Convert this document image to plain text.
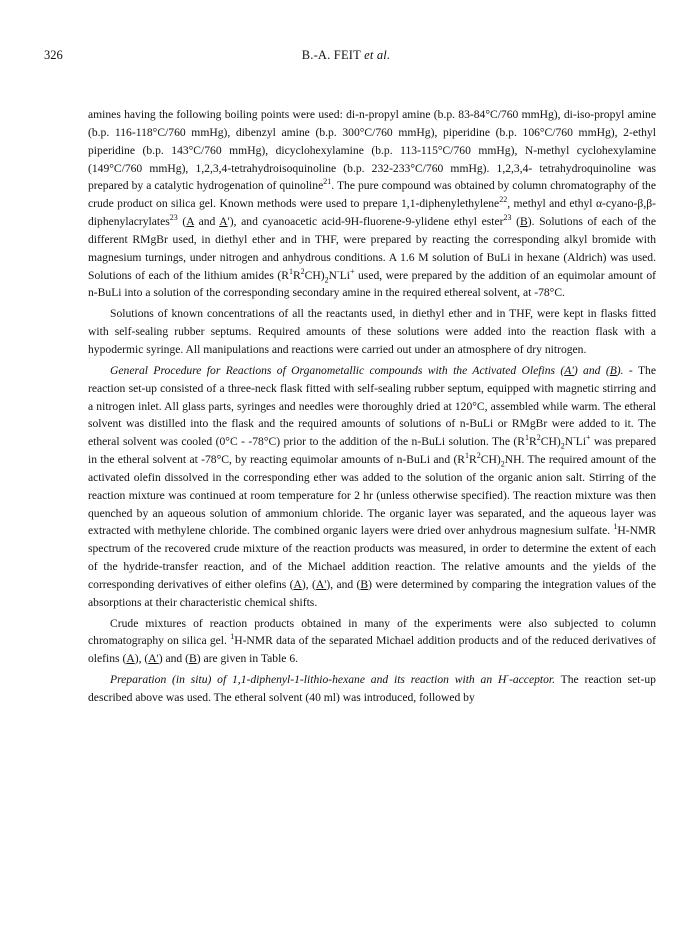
326	B.-A. FEIT et al.

amines having the following boiling points were used: di-n-propyl amine (b.p. 83-84°C/760 mmHg), di-iso-propyl amine (b.p. 116-118°C/760 mmHg), dibenzyl amine (b.p. 300°C/760 mmHg), piperidine (b.p. 106°C/760 mmHg), 2-ethyl piperidine (b.p. 143°C/760 mmHg), dicyclohexylamine (b.p. 113-115°C/760 mmHg), N-methyl cyclohexylamine (149°C/760 mmHg), 1,2,3,4-tetrahydroisoquinoline (b.p. 232-233°C/760 mmHg). 1,2,3,4- tetrahydroquinoline was prepared by a catalytic hydrogenation of quinoline$^{21}$. The pure compound was obtained by column chromatography of the crude product on silica gel. Known methods were used to prepare 1,1-diphenylethylene$^{22}$, methyl and ethyl α-cyano-β,β-diphenylacrylates$^{23}$ (A and A'), and cyanoacetic acid-9H-fluorene-9-ylidene ethyl ester$^{23}$ (B). Solutions of each of the different RMgBr used, in diethyl ether and in THF, were prepared by reacting the corresponding alkyl bromide with magnesium turnings, under nitrogen and anhydrous conditions. A 1.6 M solution of BuLi in hexane (Aldrich) was used. Solutions of each of the lithium amides $(R^1R^2CH)_2N^-Li^+$ used, were prepared by the addition of an equimolar amount of n-BuLi into a solution of the corresponding secondary amine in the required ethereal solvent, at -78°C.

Solutions of known concentrations of all the reactants used, in diethyl ether and in THF, were kept in flasks fitted with self-sealing rubber septums. Required amounts of these solutions were added into the reaction flask with a hypodermic syringe. All manipulations and reactions were carried out under an atmosphere of dry nitrogen.

General Procedure for Reactions of Organometallic compounds with the Activated Olefins (A') and (B). - The reaction set-up consisted of a three-neck flask fitted with self-sealing rubber septum, equipped with magnetic stirring and a nitrogen inlet. All glass parts, syringes and needles were thoroughly dried at 120°C, assembled while warm. The etheral solvent was distilled into the flask and the required amounts of solutions of n-BuLi or RMgBr were added to it. The etheral solvent was cooled (0°C - -78°C) prior to the addition of the n-BuLi solution. The $(R^1R^2CH)_2N^-Li^+$ was prepared in the etheral solvent at -78°C, by reacting equimolar amounts of n-BuLi and $(R^1R^2CH)_2NH$. The required amount of the activated olefin dissolved in the corresponding ether was added to the solution of the organic anion salt. Stirring of the reaction mixture was continued at room temperature for 2 hr (unless otherwise specified). The reaction mixture was then quenched by an aqueous solution of ammonium chloride. The organic layer was separated, and the aqueous layer was extracted with methylene chloride. The combined organic layers were dried over anhydrous magnesium sulfate. $^1$H-NMR spectrum of the recovered crude mixture of the reaction products was measured, in order to determine the extent of each of the hydride-transfer reaction, and of the Michael addition reaction. The relative amounts and the yields of the corresponding derivatives of either olefins (A), (A'), and (B) were determined by comparing the integration values of the absorptions at their characteristic chemical shifts.

Crude mixtures of reaction products obtained in many of the experiments were also subjected to column chromatography on silica gel. $^1$H-NMR data of the separated Michael addition products and of the reduced derivatives of olefins (A), (A') and (B) are given in Table 6.

Preparation (in situ) of 1,1-diphenyl-1-lithio-hexane and its reaction with an H--acceptor. The reaction set-up described above was used. The etheral solvent (40 ml) was introduced, followed by
